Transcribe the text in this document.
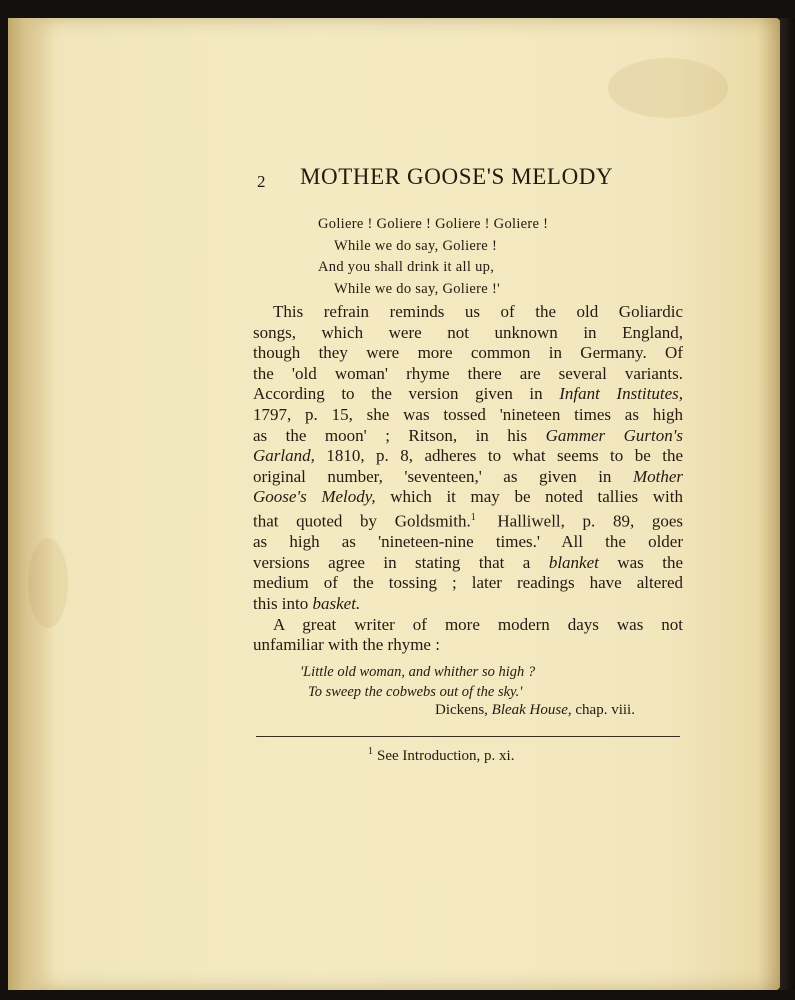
2 MOTHER GOOSE'S MELODY
Goliere ! Goliere ! Goliere ! Goliere !
While we do say, Goliere !
And you shall drink it all up,
While we do say, Goliere !'
This refrain reminds us of the old Goliardic
songs, which were not unknown in England,
though they were more common in Germany. Of
the 'old woman' rhyme there are several variants.
According to the version given in Infant Institutes,
1797, p. 15, she was tossed 'nineteen times as high
as the moon' ; Ritson, in his Gammer Gurton's
Garland, 1810, p. 8, adheres to what seems to be the
original number, 'seventeen,' as given in Mother
Goose's Melody, which it may be noted tallies with
that quoted by Goldsmith.$^1$ Halliwell, p. 89, goes
as high as 'nineteen-nine times.' All the older
versions agree in stating that a blanket was the
medium of the tossing ; later readings have altered
this into basket.
A great writer of more modern days was not
unfamiliar with the rhyme :
'Little old woman, and whither so high ?
To sweep the cobwebs out of the sky.'
Dickens, Bleak House, chap. viii.
$^1$ See Introduction, p. xi.
